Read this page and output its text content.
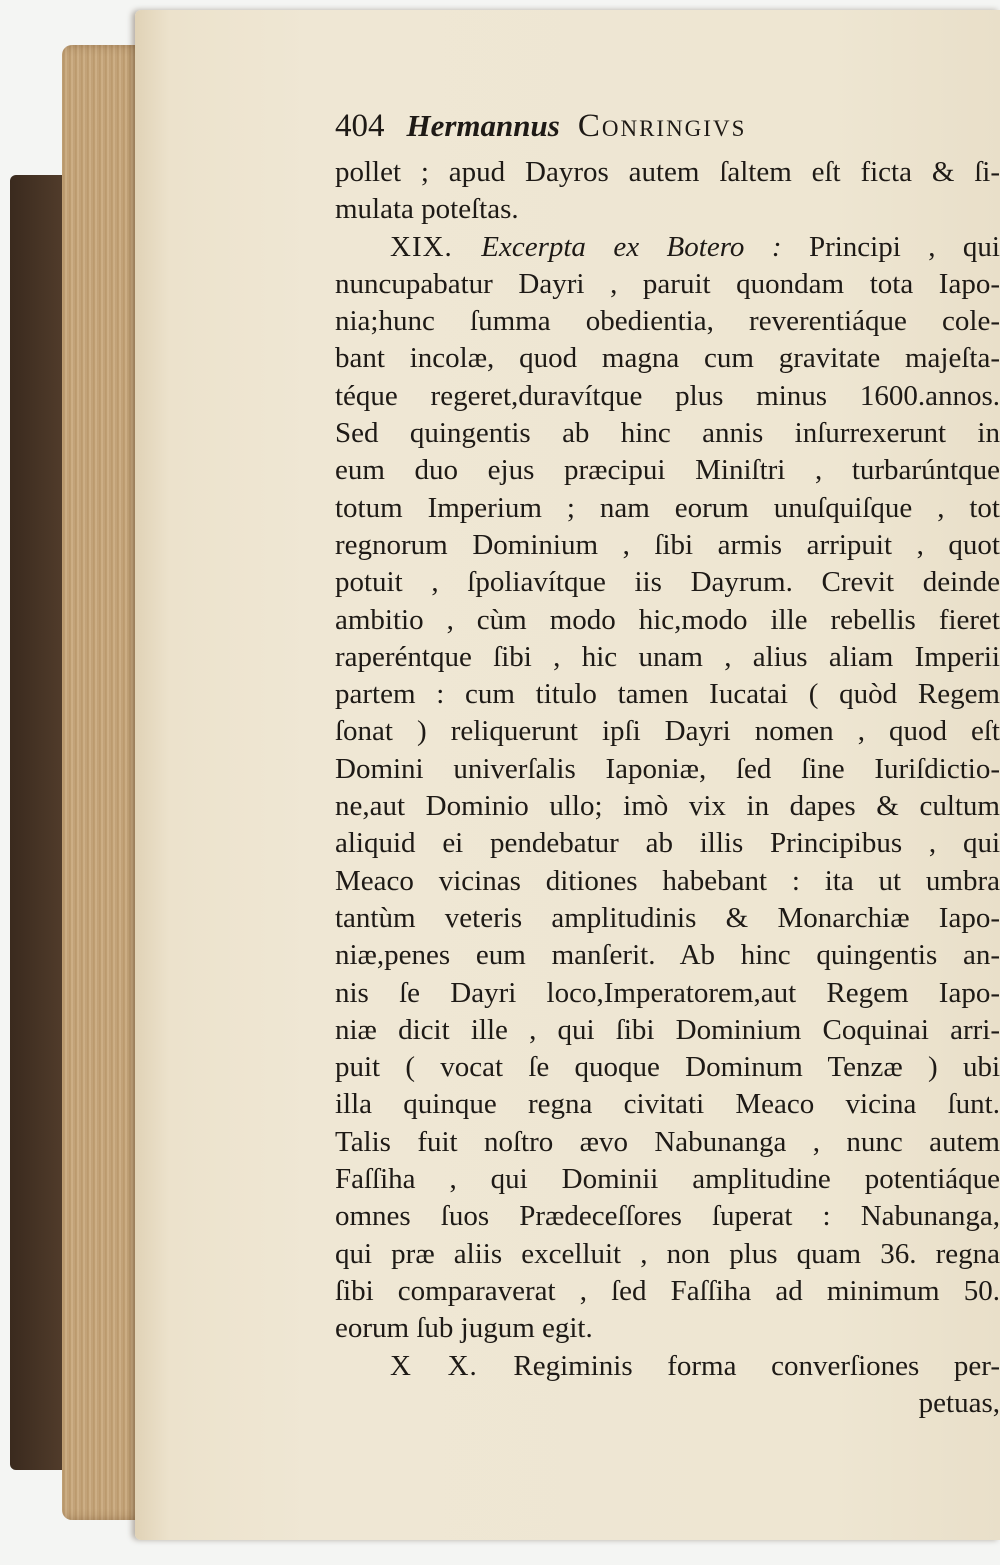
404 Hermannus Conringivs
pollet ; apud Dayros autem ſaltem eſt ficta & ſi-
mulata poteſtas.
XIX. Excerpta ex Botero : Principi , qui
nuncupabatur Dayri , paruit quondam tota Iapo-
nia;hunc ſumma obedientia, reverentiáque cole-
bant incolæ, quod magna cum gravitate majeſta-
téque regeret,duravítque plus minus 1600.annos.
Sed quingentis ab hinc annis inſurrexerunt in
eum duo ejus præcipui Miniſtri , turbarúntque
totum Imperium ; nam eorum unuſquiſque , tot
regnorum Dominium , ſibi armis arripuit , quot
potuit , ſpoliavítque iis Dayrum. Crevit deinde
ambitio , cùm modo hic,modo ille rebellis fieret
raperéntque ſibi , hic unam , alius aliam Imperii
partem : cum titulo tamen Iucatai ( quòd Regem
ſonat ) reliquerunt ipſi Dayri nomen , quod eſt
Domini univerſalis Iaponiæ, ſed ſine Iuriſdictio-
ne,aut Dominio ullo; imò vix in dapes & cultum
aliquid ei pendebatur ab illis Principibus , qui
Meaco vicinas ditiones habebant : ita ut umbra
tantùm veteris amplitudinis & Monarchiæ Iapo-
niæ,penes eum manſerit. Ab hinc quingentis an-
nis ſe Dayri loco,Imperatorem,aut Regem Iapo-
niæ dicit ille , qui ſibi Dominium Coquinai arri-
puit ( vocat ſe quoque Dominum Tenzæ ) ubi
illa quinque regna civitati Meaco vicina ſunt.
Talis fuit noſtro ævo Nabunanga , nunc autem
Faſſiha , qui Dominii amplitudine potentiáque
omnes ſuos Prædeceſſores ſuperat : Nabunanga,
qui præ aliis excelluit , non plus quam 36. regna
ſibi comparaverat , ſed Faſſiha ad minimum 50.
eorum ſub jugum egit.
X X. Regiminis forma converſiones per-
petuas,
